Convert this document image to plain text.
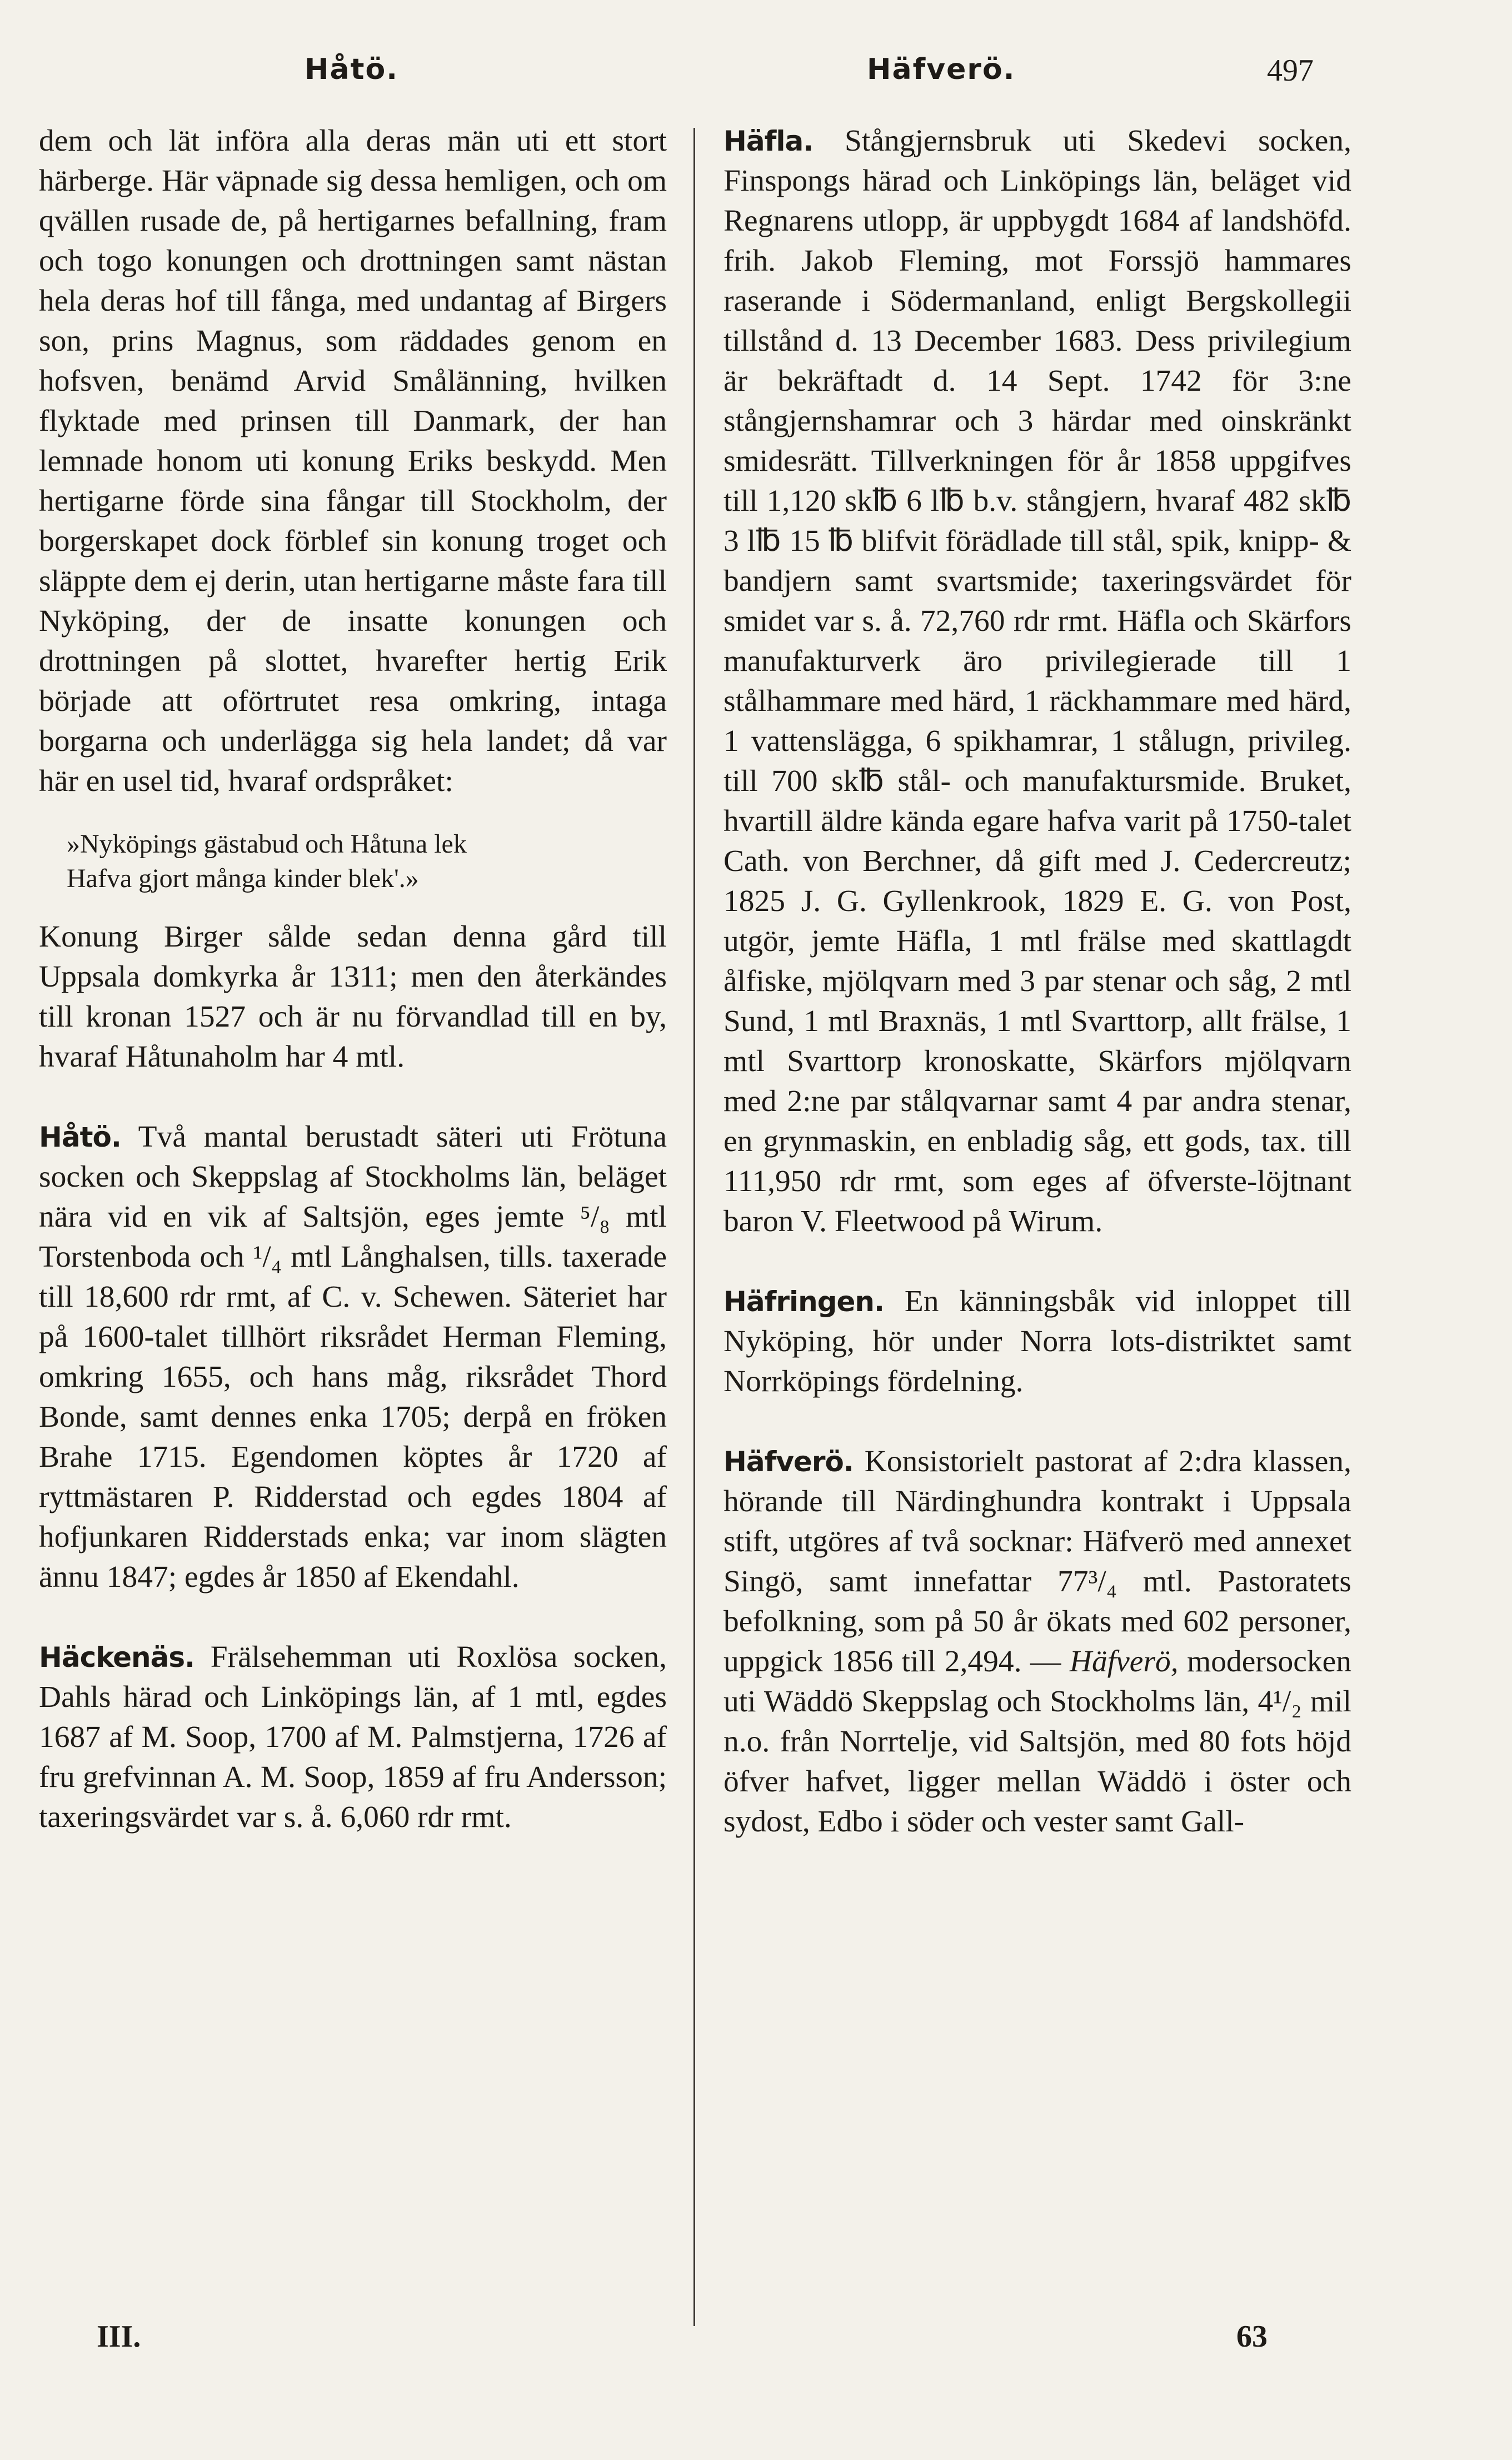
Håtö.	Häfverö.	497

dem och lät införa alla deras män uti ett stort härberge. Här väpnade sig dessa hemligen, och om qvällen rusade de, på hertigarnes befallning, fram och togo konungen och drottningen samt nästan hela deras hof till fånga, med undantag af Birgers son, prins Magnus, som räddades genom en hofsven, benämd Arvid Smålänning, hvilken flyktade med prinsen till Danmark, der han lemnade honom uti konung Eriks beskydd. Men hertigarne förde sina fångar till Stockholm, der borgerskapet dock förblef sin konung troget och släppte dem ej derin, utan hertigarne måste fara till Nyköping, der de insatte konungen och drottningen på slottet, hvarefter hertig Erik började att oförtrutet resa omkring, intaga borgarna och underlägga sig hela landet; då var här en usel tid, hvaraf ordspråket:

»Nyköpings gästabud och Håtuna lek
Hafva gjort många kinder blek'.»

Konung Birger sålde sedan denna gård till Uppsala domkyrka år 1311; men den återkändes till kronan 1527 och är nu förvandlad till en by, hvaraf Håtunaholm har 4 mtl.

Håtö. Två mantal berustadt säteri uti Frötuna socken och Skeppslag af Stockholms län, beläget nära vid en vik af Saltsjön, eges jemte ⁵/₈ mtl Torstenboda och ¹/₄ mtl Långhalsen, tills. taxerade till 18,600 rdr rmt, af C. v. Schewen. Säteriet har på 1600-talet tillhört riksrådet Herman Fleming, omkring 1655, och hans måg, riksrådet Thord Bonde, samt dennes enka 1705; derpå en fröken Brahe 1715. Egendomen köptes år 1720 af ryttmästaren P. Ridderstad och egdes 1804 af hofjunkaren Ridderstads enka; var inom slägten ännu 1847; egdes år 1850 af Ekendahl.

Häckenäs. Frälsehemman uti Roxlösa socken, Dahls härad och Linköpings län, af 1 mtl, egdes 1687 af M. Soop, 1700 af M. Palmstjerna, 1726 af fru grefvinnan A. M. Soop, 1859 af fru Andersson; taxeringsvärdet var s. å. 6,060 rdr rmt.

Häfla. Stångjernsbruk uti Skedevi socken, Finspongs härad och Linköpings län, beläget vid Regnarens utlopp, är uppbygdt 1684 af landshöfd. frih. Jakob Fleming, mot Forssjö hammares raserande i Södermanland, enligt Bergskollegii tillstånd d. 13 December 1683. Dess privilegium är bekräftadt d. 14 Sept. 1742 för 3:ne stångjernshamrar och 3 härdar med oinskränkt smidesrätt. Tillverkningen för år 1858 uppgifves till 1,120 sk℔ 6 l℔ b.v. stångjern, hvaraf 482 sk℔ 3 l℔ 15 ℔ blifvit förädlade till stål, spik, knipp- & bandjern samt svartsmide; taxeringsvärdet för smidet var s. å. 72,760 rdr rmt. Häfla och Skärfors manufakturverk äro privilegierade till 1 stålhammare med härd, 1 räckhammare med härd, 1 vattenslägga, 6 spikhamrar, 1 stålugn, privileg. till 700 sk℔ stål- och manufaktursmide. Bruket, hvartill äldre kända egare hafva varit på 1750-talet Cath. von Berchner, då gift med J. Cedercreutz; 1825 J. G. Gyllenkrook, 1829 E. G. von Post, utgör, jemte Häfla, 1 mtl frälse med skattlagdt ålfiske, mjölqvarn med 3 par stenar och såg, 2 mtl Sund, 1 mtl Braxnäs, 1 mtl Svarttorp, allt frälse, 1 mtl Svarttorp kronoskatte, Skärfors mjölqvarn med 2:ne par stålqvarnar samt 4 par andra stenar, en grynmaskin, en enbladig såg, ett gods, tax. till 111,950 rdr rmt, som eges af öfverste-löjtnant baron V. Fleetwood på Wirum.

Häfringen. En känningsbåk vid inloppet till Nyköping, hör under Norra lots-distriktet samt Norrköpings fördelning.

Häfverö. Konsistorielt pastorat af 2:dra klassen, hörande till Närdinghundra kontrakt i Uppsala stift, utgöres af två socknar: Häfverö med annexet Singö, samt innefattar 77³/₄ mtl. Pastoratets befolkning, som på 50 år ökats med 602 personer, uppgick 1856 till 2,494. — Häfverö, modersocken uti Wäddö Skeppslag och Stockholms län, 4¹/₂ mil n.o. från Norrtelje, vid Saltsjön, med 80 fots höjd öfver hafvet, ligger mellan Wäddö i öster och sydost, Edbo i söder och vester samt Gall-

III.	63
